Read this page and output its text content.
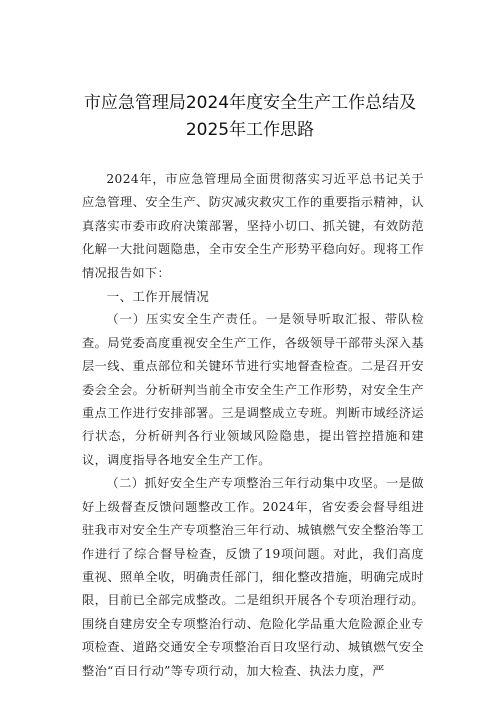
市应急管理局2024年度安全生产工作总结及
2025年工作思路

2024年，市应急管理局全面贯彻落实习近平总书记关于应急管理、安全生产、防灾减灾救灾工作的重要指示精神，认真落实市委市政府决策部署，坚持小切口、抓关键，有效防范化解一大批问题隐患，全市安全生产形势平稳向好。现将工作情况报告如下：

一、工作开展情况

（一）压实安全生产责任。一是领导听取汇报、带队检查。局党委高度重视安全生产工作，各级领导干部带头深入基层一线、重点部位和关键环节进行实地督查检查。二是召开安委会全会。分析研判当前全市安全生产工作形势，对安全生产重点工作进行安排部署。三是调整成立专班。判断市域经济运行状态，分析研判各行业领域风险隐患，提出管控措施和建议，调度指导各地安全生产工作。

（二）抓好安全生产专项整治三年行动集中攻坚。一是做好上级督查反馈问题整改工作。2024年，省安委会督导组进驻我市对安全生产专项整治三年行动、城镇燃气安全整治等工作进行了综合督导检查，反馈了19项问题。对此，我们高度重视、照单全收，明确责任部门，细化整改措施，明确完成时限，目前已全部完成整改。二是组织开展各个专项治理行动。围绕自建房安全专项整治行动、危险化学品重大危险源企业专项检查、道路交通安全专项整治百日攻坚行动、城镇燃气安全整治“百日行动”等专项行动，加大检查、执法力度，严
